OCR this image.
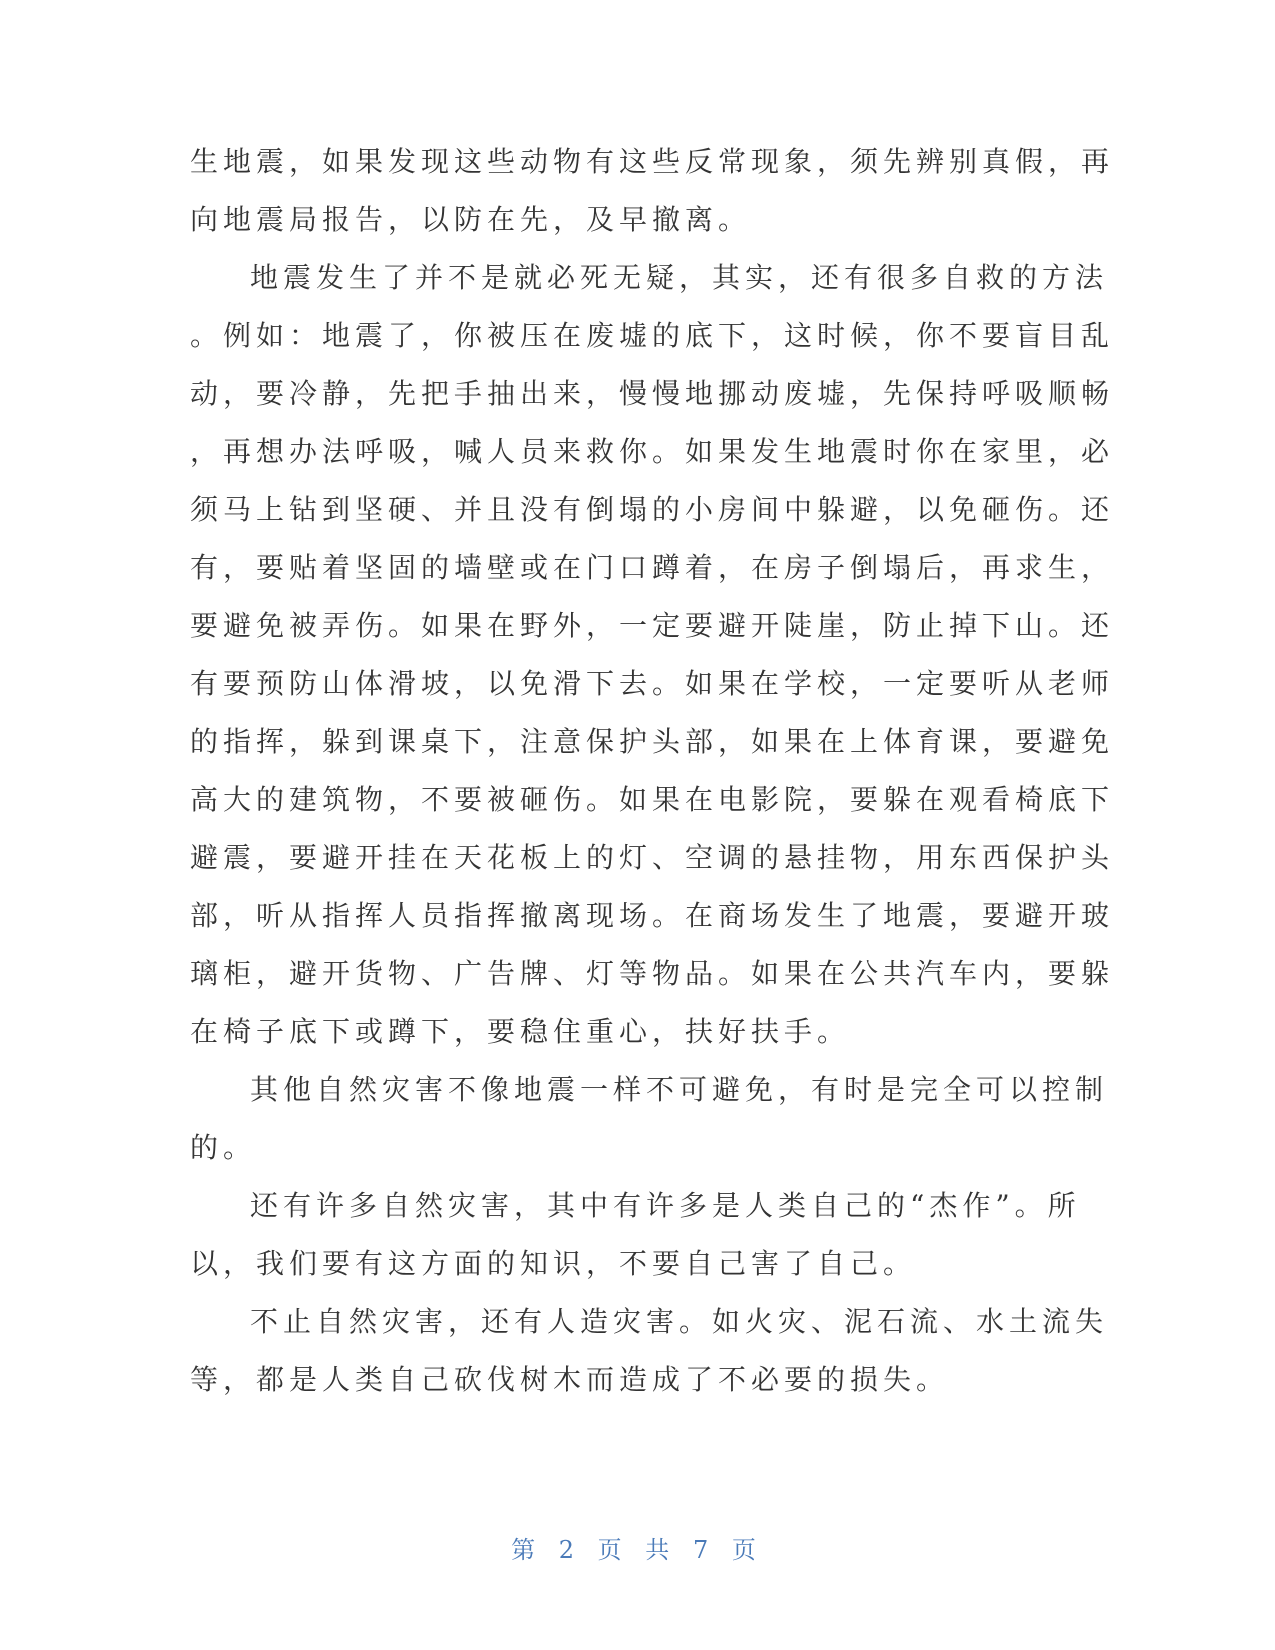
生地震，如果发现这些动物有这些反常现象，须先辨别真假，再
向地震局报告，以防在先，及早撤离。
地震发生了并不是就必死无疑，其实，还有很多自救的方法
。例如：地震了，你被压在废墟的底下，这时候，你不要盲目乱
动，要冷静，先把手抽出来，慢慢地挪动废墟，先保持呼吸顺畅
，再想办法呼吸，喊人员来救你。如果发生地震时你在家里，必
须马上钻到坚硬、并且没有倒塌的小房间中躲避，以免砸伤。还
有，要贴着坚固的墙壁或在门口蹲着，在房子倒塌后，再求生，
要避免被弄伤。如果在野外，一定要避开陡崖，防止掉下山。还
有要预防山体滑坡，以免滑下去。如果在学校，一定要听从老师
的指挥，躲到课桌下，注意保护头部，如果在上体育课，要避免
高大的建筑物，不要被砸伤。如果在电影院，要躲在观看椅底下
避震，要避开挂在天花板上的灯、空调的悬挂物，用东西保护头
部，听从指挥人员指挥撤离现场。在商场发生了地震，要避开玻
璃柜，避开货物、广告牌、灯等物品。如果在公共汽车内，要躲
在椅子底下或蹲下，要稳住重心，扶好扶手。
其他自然灾害不像地震一样不可避免，有时是完全可以控制
的。
还有许多自然灾害，其中有许多是人类自己的“杰作”。所
以，我们要有这方面的知识，不要自己害了自己。
不止自然灾害，还有人造灾害。如火灾、泥石流、水土流失
等，都是人类自己砍伐树木而造成了不必要的损失。
第 2 页 共 7 页
